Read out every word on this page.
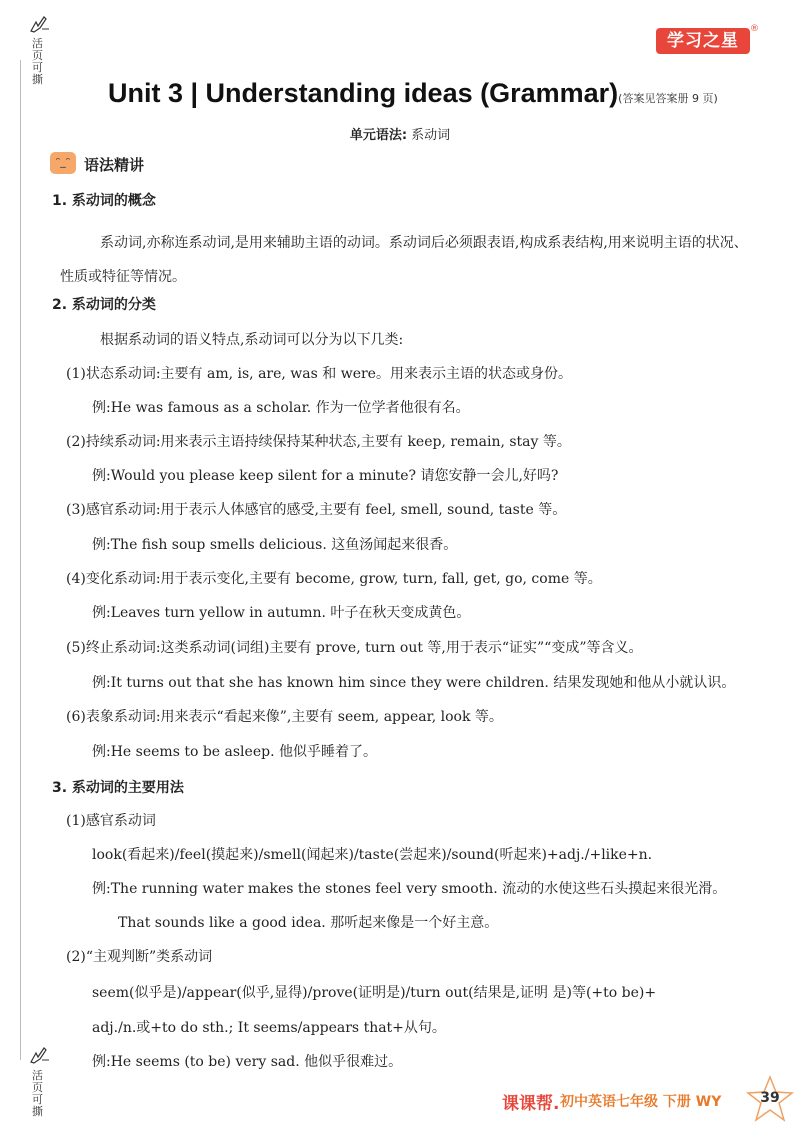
活页可撕
活页可撕
学习之星
®
Unit 3 | Understanding ideas (Grammar)(答案见答案册 9 页)
单元语法: 系动词
ᵔ_ᵔ 语法精讲
1. 系动词的概念
系动词,亦称连系动词,是用来辅助主语的动词。系动词后必须跟表语,构成系表结构,用来说明主语的状况、性质或特征等情况。
2. 系动词的分类
根据系动词的语义特点,系动词可以分为以下几类:
(1)状态系动词:主要有 am, is, are, was 和 were。用来表示主语的状态或身份。
例:He was famous as a scholar. 作为一位学者他很有名。
(2)持续系动词:用来表示主语持续保持某种状态,主要有 keep, remain, stay 等。
例:Would you please keep silent for a minute? 请您安静一会儿,好吗?
(3)感官系动词:用于表示人体感官的感受,主要有 feel, smell, sound, taste 等。
例:The fish soup smells delicious. 这鱼汤闻起来很香。
(4)变化系动词:用于表示变化,主要有 become, grow, turn, fall, get, go, come 等。
例:Leaves turn yellow in autumn. 叶子在秋天变成黄色。
(5)终止系动词:这类系动词(词组)主要有 prove, turn out 等,用于表示“证实”“变成”等含义。
例:It turns out that she has known him since they were children. 结果发现她和他从小就认识。
(6)表象系动词:用来表示“看起来像”,主要有 seem, appear, look 等。
例:He seems to be asleep. 他似乎睡着了。
3. 系动词的主要用法
(1)感官系动词
look(看起来)/feel(摸起来)/smell(闻起来)/taste(尝起来)/sound(听起来)+adj./+like+n.
例:The running water makes the stones feel very smooth. 流动的水使这些石头摸起来很光滑。
That sounds like a good idea. 那听起来像是一个好主意。
(2)“主观判断”类系动词
seem(似乎是)/appear(似乎,显得)/prove(证明是)/turn out(结果是,证明 是)等(+to be)+
adj./n.或+to do sth.; It seems/appears that+从句。
例:He seems (to be) very sad. 他似乎很难过。
课课帮. 初中英语七年级 下册 WY	39
